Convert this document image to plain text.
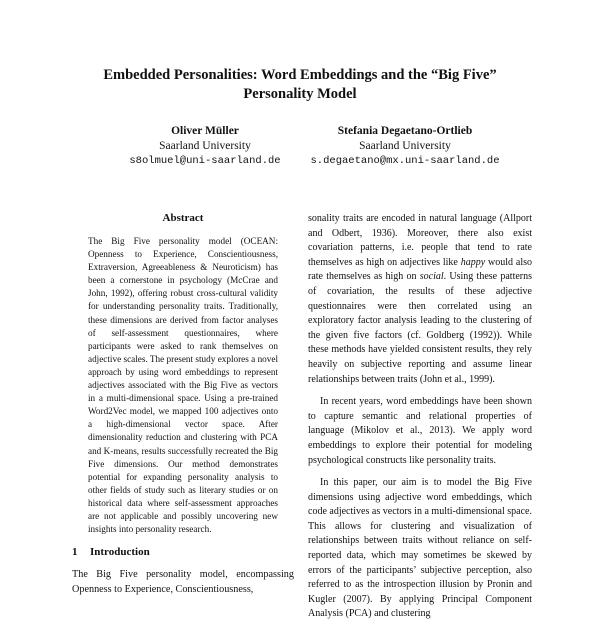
Embedded Personalities: Word Embeddings and the “Big Five”
Personality Model
Oliver Müller
Saarland University
s8olmuel@uni-saarland.de
Stefania Degaetano-Ortlieb
Saarland University
s.degaetano@mx.uni-saarland.de
Abstract
The Big Five personality model (OCEAN: Openness to Experience, Conscientiousness, Extraversion, Agreeableness & Neuroticism) has been a cornerstone in psychology (McCrae and John, 1992), offering robust cross-cultural validity for understanding personality traits. Traditionally, these dimensions are derived from factor analyses of self-assessment questionnaires, where participants were asked to rank themselves on adjective scales. The present study explores a novel approach by using word embeddings to represent adjectives associated with the Big Five as vectors in a multi-dimensional space. Using a pre-trained Word2Vec model, we mapped 100 adjectives onto a high-dimensional vector space. After dimensionality reduction and clustering with PCA and K-means, results successfully recreated the Big Five dimensions. Our method demonstrates potential for expanding personality analysis to other fields of study such as literary studies or on historical data where self-assessment approaches are not applicable and possibly uncovering new insights into personality research.
1 Introduction
The Big Five personality model, encompassing Openness to Experience, Conscientiousness,

sonality traits are encoded in natural language (Allport and Odbert, 1936). Moreover, there also exist covariation patterns, i.e. people that tend to rate themselves as high on adjectives like happy would also rate themselves as high on social. Using these patterns of covariation, the results of these adjective questionnaires were then correlated using an exploratory factor analysis leading to the clustering of the given five factors (cf. Goldberg (1992)). While these methods have yielded consistent results, they rely heavily on subjective reporting and assume linear relationships between traits (John et al., 1999).

In recent years, word embeddings have been shown to capture semantic and relational properties of language (Mikolov et al., 2013). We apply word embeddings to explore their potential for modeling psychological constructs like personality traits.

In this paper, our aim is to model the Big Five dimensions using adjective word embeddings, which code adjectives as vectors in a multi-dimensional space. This allows for clustering and visualization of relationships between traits without reliance on self-reported data, which may sometimes be skewed by errors of the participants’ subjective perception, also referred to as the introspection illusion by Pronin and Kugler (2007). By applying Principal Component Analysis (PCA) and clustering
